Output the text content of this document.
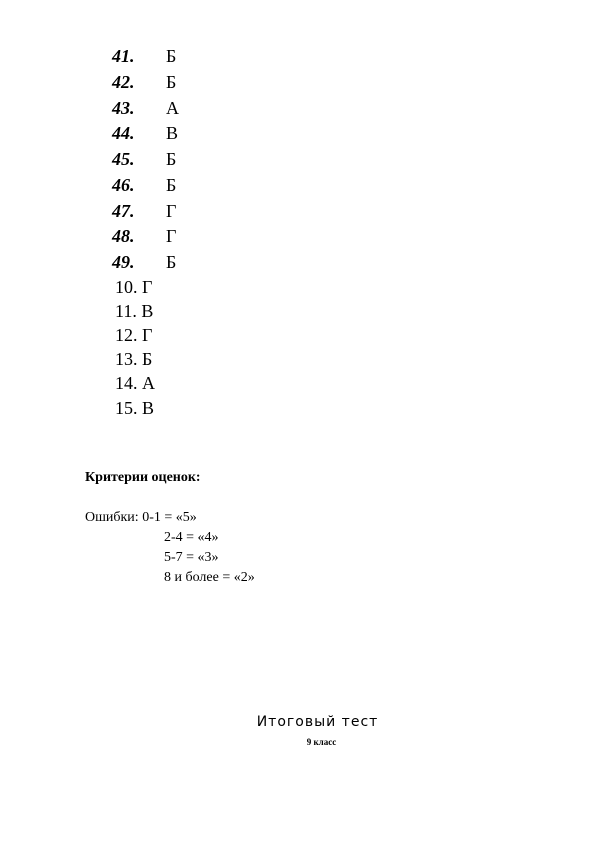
41. Б
42. Б
43. А
44. В
45. Б
46. Б
47. Г
48. Г
49. Б
10. Г
11. В
12. Г
13. Б
14. А
15. В
Критерии оценок:
Ошибки: 0-1 = «5»
2-4 = «4»
5-7 = «3»
8 и более = «2»
Итоговый тест
9 класс
